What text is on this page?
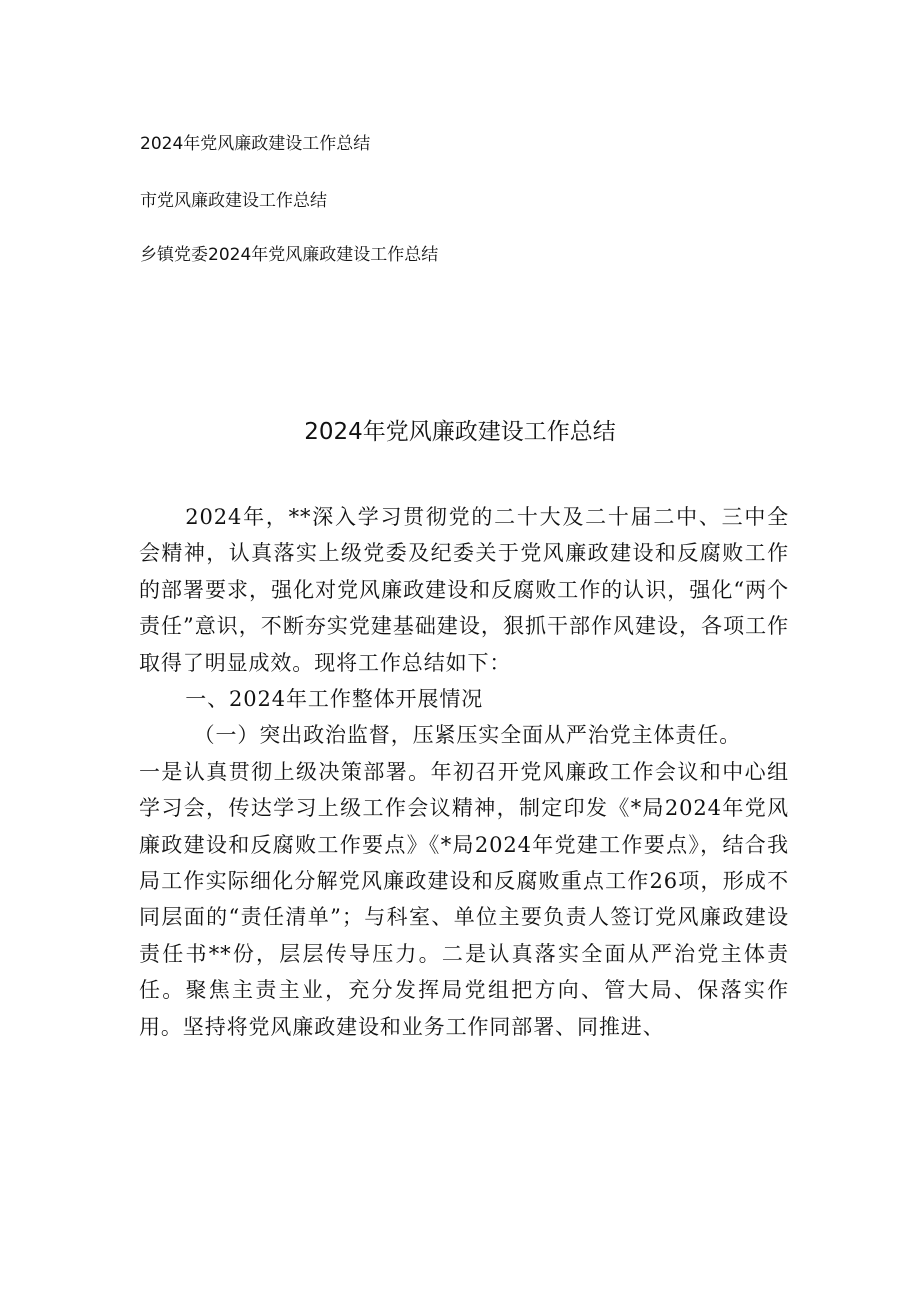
2024年党风廉政建设工作总结
市党风廉政建设工作总结
乡镇党委2024年党风廉政建设工作总结
2024年党风廉政建设工作总结

2024年，**深入学习贯彻党的二十大及二十届二中、三中全会精神，认真落实上级党委及纪委关于党风廉政建设和反腐败工作的部署要求，强化对党风廉政建设和反腐败工作的认识，强化“两个责任”意识，不断夯实党建基础建设，狠抓干部作风建设，各项工作取得了明显成效。现将工作总结如下：

一、2024年工作整体开展情况

（一）突出政治监督，压紧压实全面从严治党主体责任。

一是认真贯彻上级决策部署。年初召开党风廉政工作会议和中心组学习会，传达学习上级工作会议精神，制定印发《*局2024年党风廉政建设和反腐败工作要点》《*局2024年党建工作要点》，结合我局工作实际细化分解党风廉政建设和反腐败重点工作26项，形成不同层面的“责任清单”；与科室、单位主要负责人签订党风廉政建设责任书**份，层层传导压力。二是认真落实全面从严治党主体责任。聚焦主责主业，充分发挥局党组把方向、管大局、保落实作用。坚持将党风廉政建设和业务工作同部署、同推进、
